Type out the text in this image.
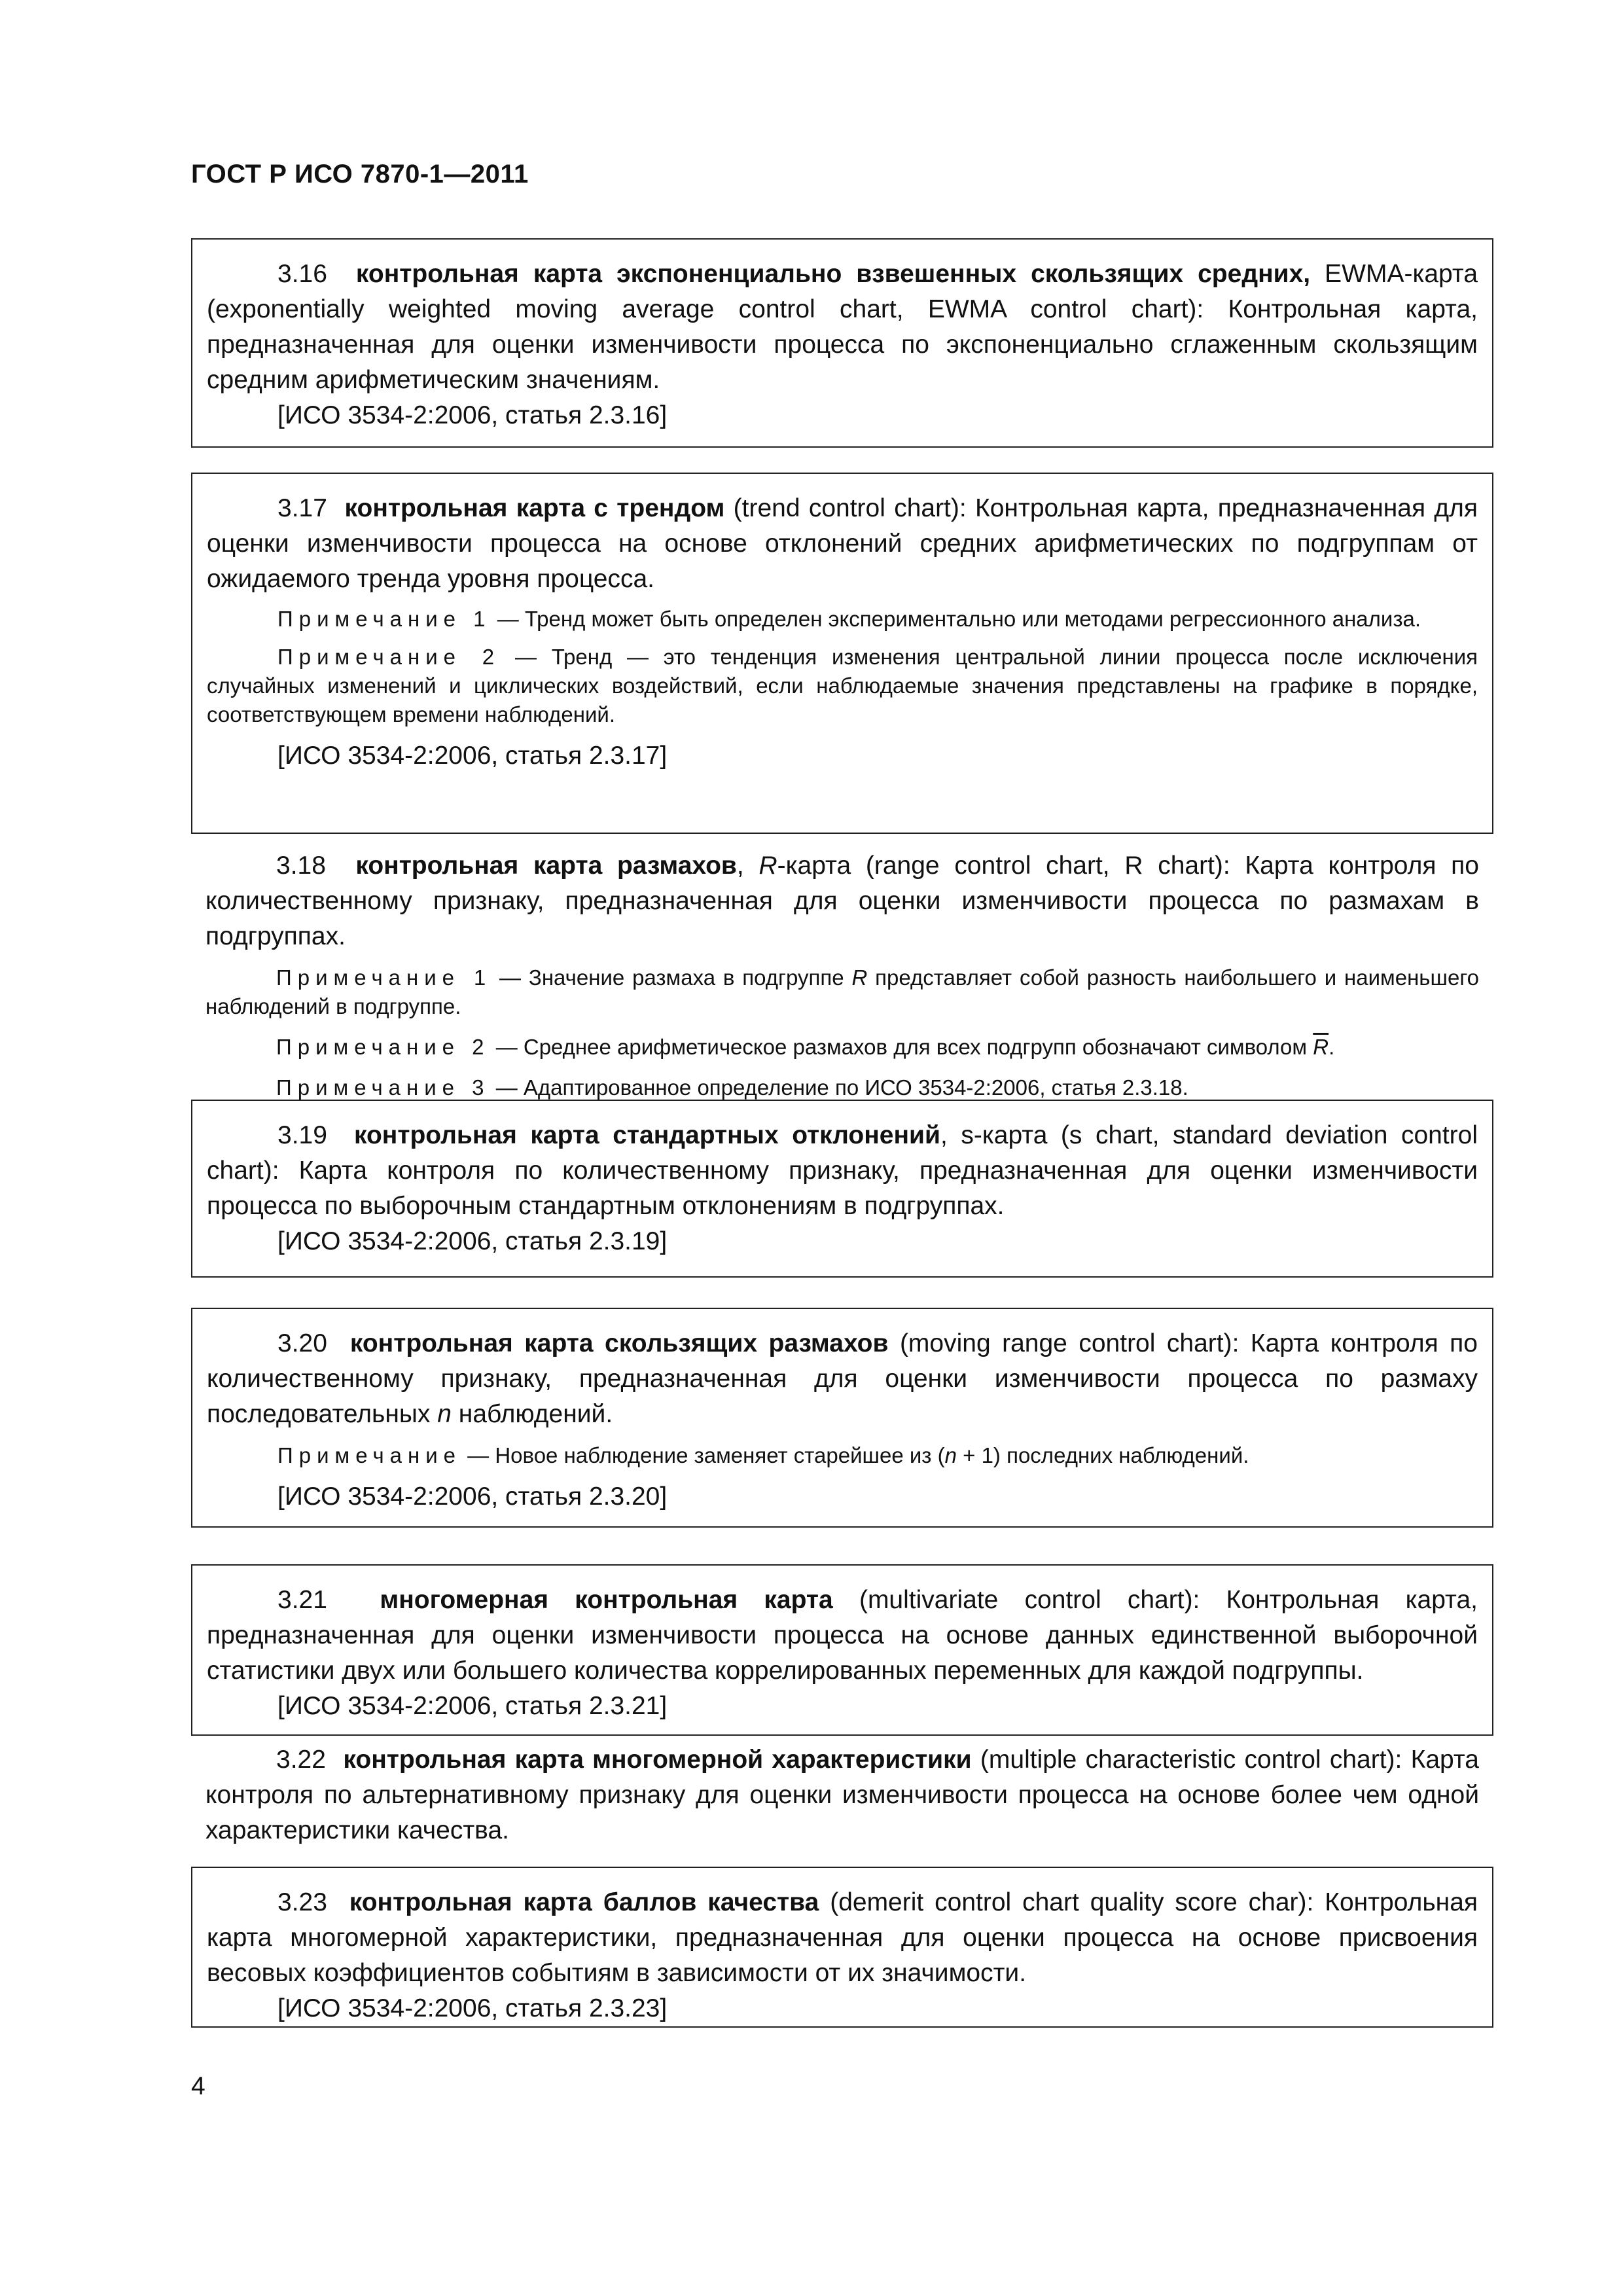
ГОСТ Р ИСО 7870-1—2011

3.16 контрольная карта экспоненциально взвешенных скользящих средних, EWMA-карта (exponentially weighted moving average control chart, EWMA control chart): Контрольная карта, предназначенная для оценки изменчивости процесса по экспоненциально сглаженным скользящим средним арифметическим значениям.

[ИСО 3534-2:2006, статья 2.3.16]

3.17 контрольная карта с трендом (trend control chart): Контрольная карта, предназначенная для оценки изменчивости процесса на основе отклонений средних арифметических по подгруппам от ожидаемого тренда уровня процесса.

Примечание 1 — Тренд может быть определен экспериментально или методами регрессионного анализа.

Примечание 2 — Тренд — это тенденция изменения центральной линии процесса после исключения случайных изменений и циклических воздействий, если наблюдаемые значения представлены на графике в порядке, соответствующем времени наблюдений.

[ИСО 3534-2:2006, статья 2.3.17]

3.18 контрольная карта размахов, R-карта (range control chart, R chart): Карта контроля по количественному признаку, предназначенная для оценки изменчивости процесса по размахам в подгруппах.

Примечание 1 — Значение размаха в подгруппе R представляет собой разность наибольшего и наименьшего наблюдений в подгруппе.

Примечание 2 — Среднее арифметическое размахов для всех подгрупп обозначают символом $\overline{R}$.

Примечание 3 — Адаптированное определение по ИСО 3534-2:2006, статья 2.3.18.

3.19 контрольная карта стандартных отклонений, s-карта (s chart, standard deviation control chart): Карта контроля по количественному признаку, предназначенная для оценки изменчивости процесса по выборочным стандартным отклонениям в подгруппах.

[ИСО 3534-2:2006, статья 2.3.19]

3.20 контрольная карта скользящих размахов (moving range control chart): Карта контроля по количественному признаку, предназначенная для оценки изменчивости процесса по размаху последовательных n наблюдений.

Примечание — Новое наблюдение заменяет старейшее из (n + 1) последних наблюдений.

[ИСО 3534-2:2006, статья 2.3.20]

3.21 многомерная контрольная карта (multivariate control chart): Контрольная карта, предназначенная для оценки изменчивости процесса на основе данных единственной выборочной статистики двух или большего количества коррелированных переменных для каждой подгруппы.

[ИСО 3534-2:2006, статья 2.3.21]

3.22 контрольная карта многомерной характеристики (multiple characteristic control chart): Карта контроля по альтернативному признаку для оценки изменчивости процесса на основе более чем одной характеристики качества.

3.23 контрольная карта баллов качества (demerit control chart quality score char): Контрольная карта многомерной характеристики, предназначенная для оценки процесса на основе присвоения весовых коэффициентов событиям в зависимости от их значимости.

[ИСО 3534-2:2006, статья 2.3.23]

4
